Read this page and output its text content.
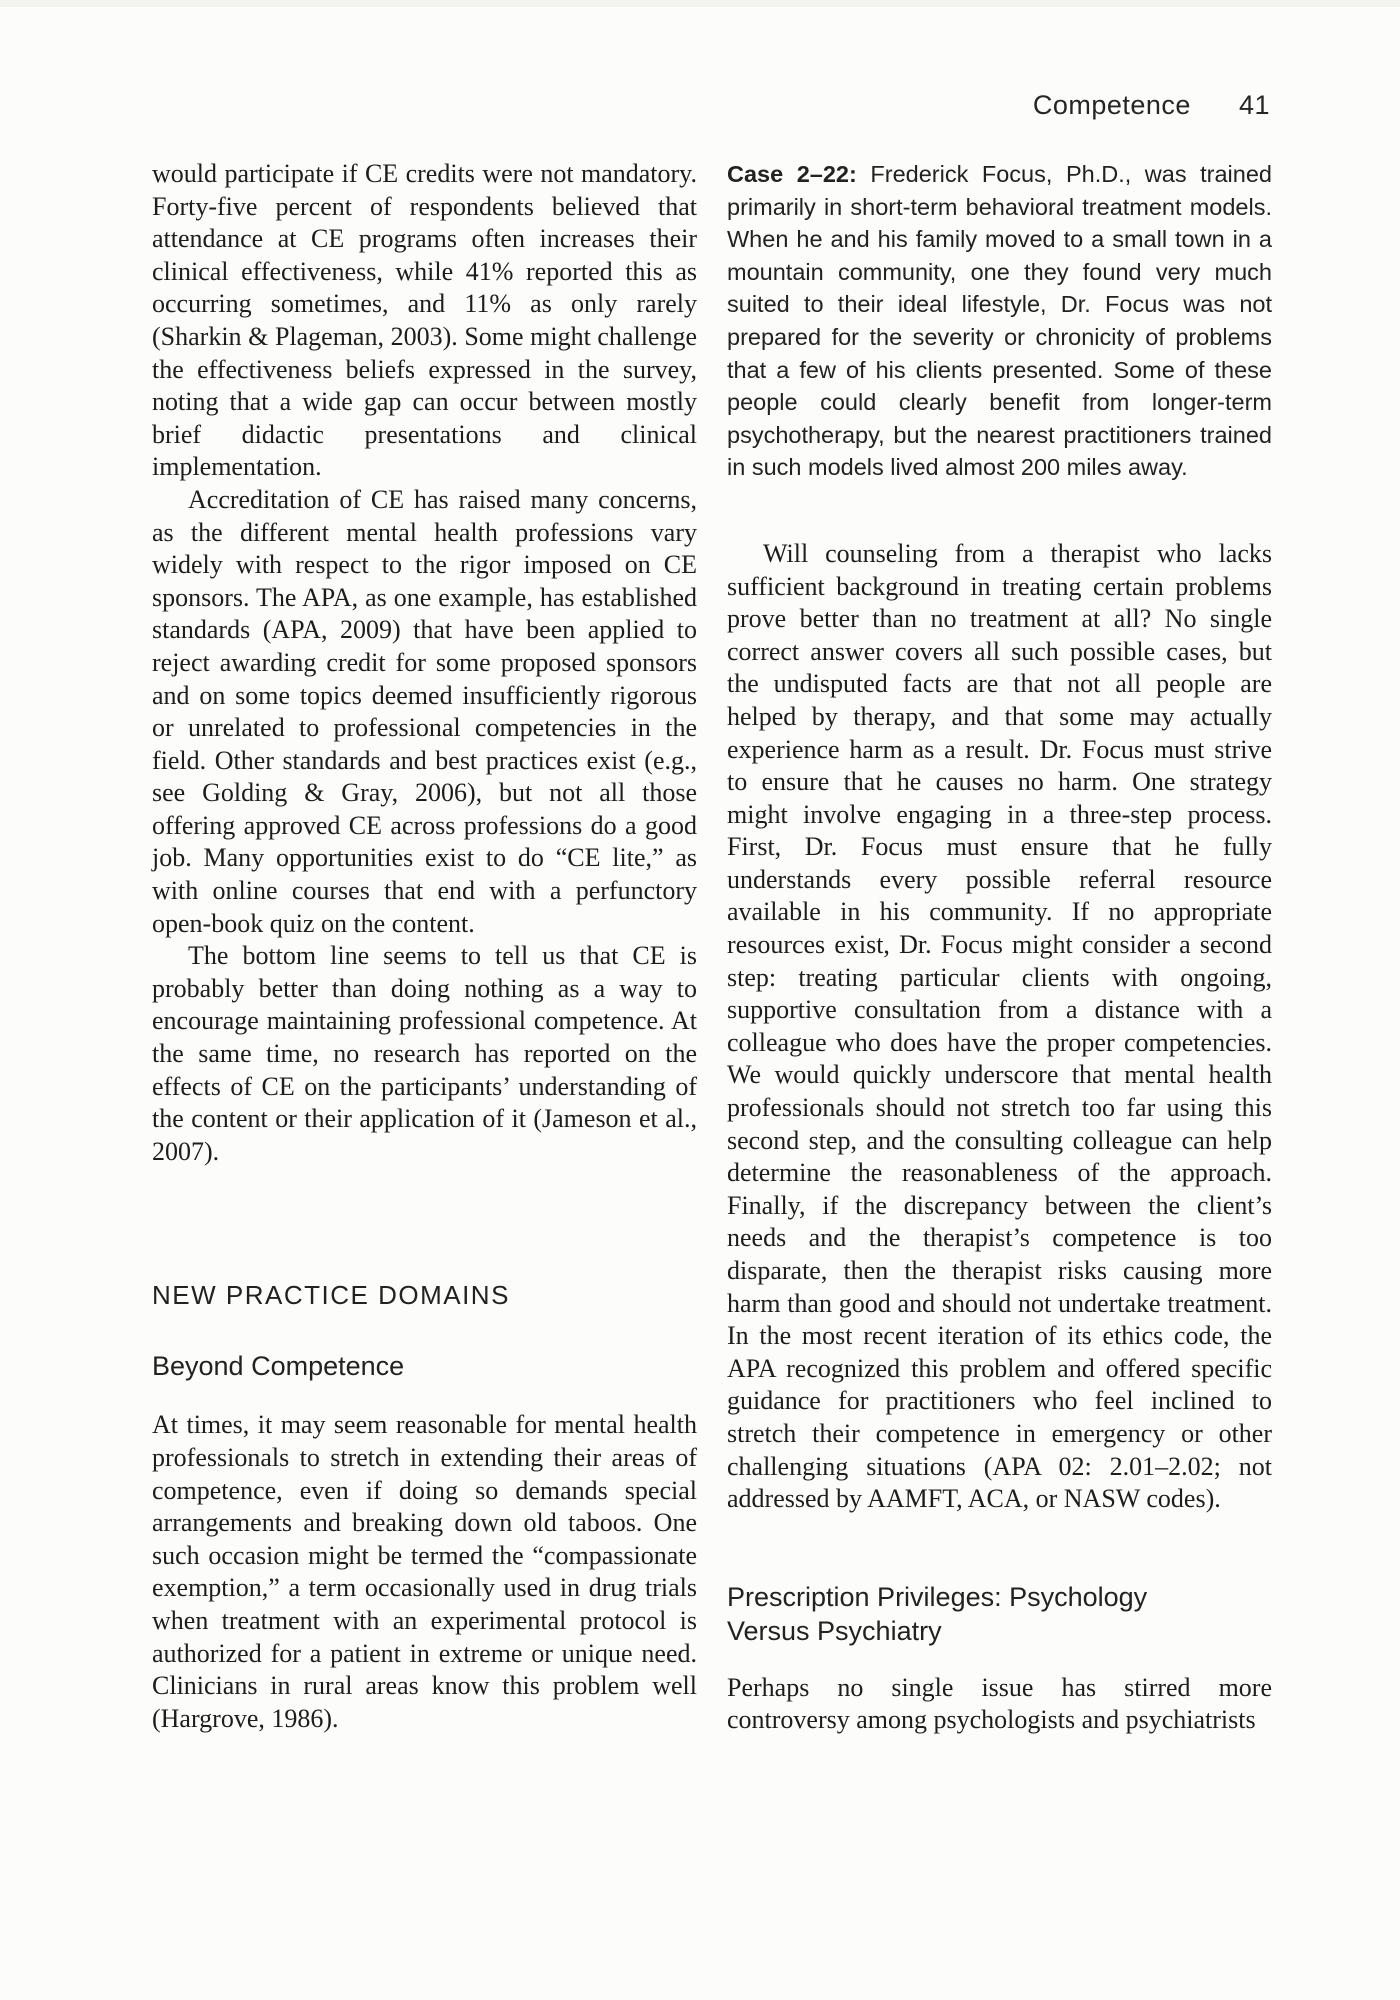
Competence 41

would participate if CE credits were not mandatory. Forty-five percent of respondents believed that attendance at CE programs often increases their clinical effectiveness, while 41% reported this as occurring sometimes, and 11% as only rarely (Sharkin & Plageman, 2003). Some might challenge the effectiveness beliefs expressed in the survey, noting that a wide gap can occur between mostly brief didactic presentations and clinical implementation.

Accreditation of CE has raised many concerns, as the different mental health professions vary widely with respect to the rigor imposed on CE sponsors. The APA, as one example, has established standards (APA, 2009) that have been applied to reject awarding credit for some proposed sponsors and on some topics deemed insufficiently rigorous or unrelated to professional competencies in the field. Other standards and best practices exist (e.g., see Golding & Gray, 2006), but not all those offering approved CE across professions do a good job. Many opportunities exist to do “CE lite,” as with online courses that end with a perfunctory open-book quiz on the content.

The bottom line seems to tell us that CE is probably better than doing nothing as a way to encourage maintaining professional competence. At the same time, no research has reported on the effects of CE on the participants’ understanding of the content or their application of it (Jameson et al., 2007).

NEW PRACTICE DOMAINS
Beyond Competence

At times, it may seem reasonable for mental health professionals to stretch in extending their areas of competence, even if doing so demands special arrangements and breaking down old taboos. One such occasion might be termed the “compassionate exemption,” a term occasionally used in drug trials when treatment with an experimental protocol is authorized for a patient in extreme or unique need. Clinicians in rural areas know this problem well (Hargrove, 1986).

Case 2–22: Frederick Focus, Ph.D., was trained primarily in short-term behavioral treatment models. When he and his family moved to a small town in a mountain community, one they found very much suited to their ideal lifestyle, Dr. Focus was not prepared for the severity or chronicity of problems that a few of his clients presented. Some of these people could clearly benefit from longer-term psychotherapy, but the nearest practitioners trained in such models lived almost 200 miles away.

Will counseling from a therapist who lacks sufficient background in treating certain problems prove better than no treatment at all? No single correct answer covers all such possible cases, but the undisputed facts are that not all people are helped by therapy, and that some may actually experience harm as a result. Dr. Focus must strive to ensure that he causes no harm. One strategy might involve engaging in a three-step process. First, Dr. Focus must ensure that he fully understands every possible referral resource available in his community. If no appropriate resources exist, Dr. Focus might consider a second step: treating particular clients with ongoing, supportive consultation from a distance with a colleague who does have the proper competencies. We would quickly underscore that mental health professionals should not stretch too far using this second step, and the consulting colleague can help determine the reasonableness of the approach. Finally, if the discrepancy between the client’s needs and the therapist’s competence is too disparate, then the therapist risks causing more harm than good and should not undertake treatment. In the most recent iteration of its ethics code, the APA recognized this problem and offered specific guidance for practitioners who feel inclined to stretch their competence in emergency or other challenging situations (APA 02: 2.01–2.02; not addressed by AAMFT, ACA, or NASW codes).

Prescription Privileges: Psychology
Versus Psychiatry

Perhaps no single issue has stirred more controversy among psychologists and psychiatrists
